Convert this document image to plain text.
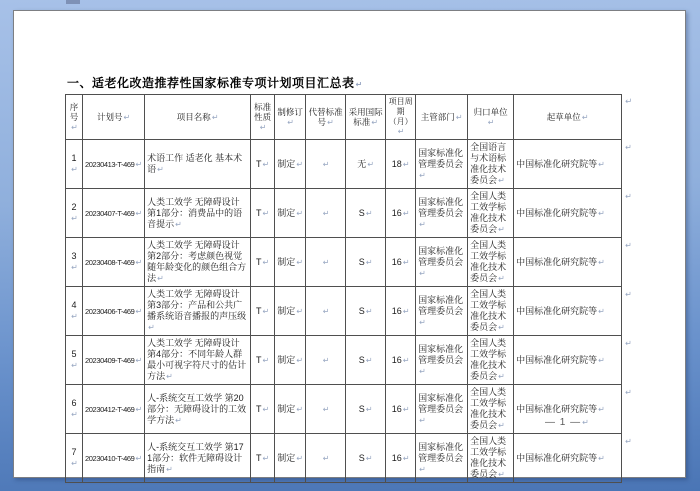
一、适老化改造推荐性国家标准专项计划项目汇总表↵
序号↵	计划号↵	项目名称↵	标准性质↵	制修订↵	代替标准号↵	采用国际标准↵	项目周期（月）↵	主管部门↵	归口单位↵	起草单位↵	↵
1↵	20230413-T-469↵	术语工作 适老化 基本术语↵	T↵	制定↵	↵	无↵	18↵	国家标准化管理委员会↵	全国语言与术语标准化技术委员会↵	中国标准化研究院等↵	↵
2↵	20230407-T-469↵	人类工效学 无障碍设计 第1部分：消费品中的语音提示↵	T↵	制定↵	↵	S↵	16↵	国家标准化管理委员会↵	全国人类工效学标准化技术委员会↵	中国标准化研究院等↵	↵
3↵	20230408-T-469↵	人类工效学 无障碍设计 第2部分：考虑颜色视觉随年龄变化的颜色组合方法↵	T↵	制定↵	↵	S↵	16↵	国家标准化管理委员会↵	全国人类工效学标准化技术委员会↵	中国标准化研究院等↵	↵
4↵	20230406-T-469↵	人类工效学 无障碍设计 第3部分：产品和公共广播系统语音播报的声压级↵	T↵	制定↵	↵	S↵	16↵	国家标准化管理委员会↵	全国人类工效学标准化技术委员会↵	中国标准化研究院等↵	↵
5↵	20230409-T-469↵	人类工效学 无障碍设计 第4部分：不同年龄人群最小可视字符尺寸的估计方法↵	T↵	制定↵	↵	S↵	16↵	国家标准化管理委员会↵	全国人类工效学标准化技术委员会↵	中国标准化研究院等↵	↵
6↵	20230412-T-469↵	人-系统交互工效学 第20部分：无障碍设计的工效学方法↵	T↵	制定↵	↵	S↵	16↵	国家标准化管理委员会↵	全国人类工效学标准化技术委员会↵	中国标准化研究院等↵	↵
7↵	20230410-T-469↵	人-系统交互工效学 第171部分：软件无障碍设计指南↵	T↵	制定↵	↵	S↵	16↵	国家标准化管理委员会↵	全国人类工效学标准化技术委员会↵	中国标准化研究院等↵	↵
— 1 —↵
